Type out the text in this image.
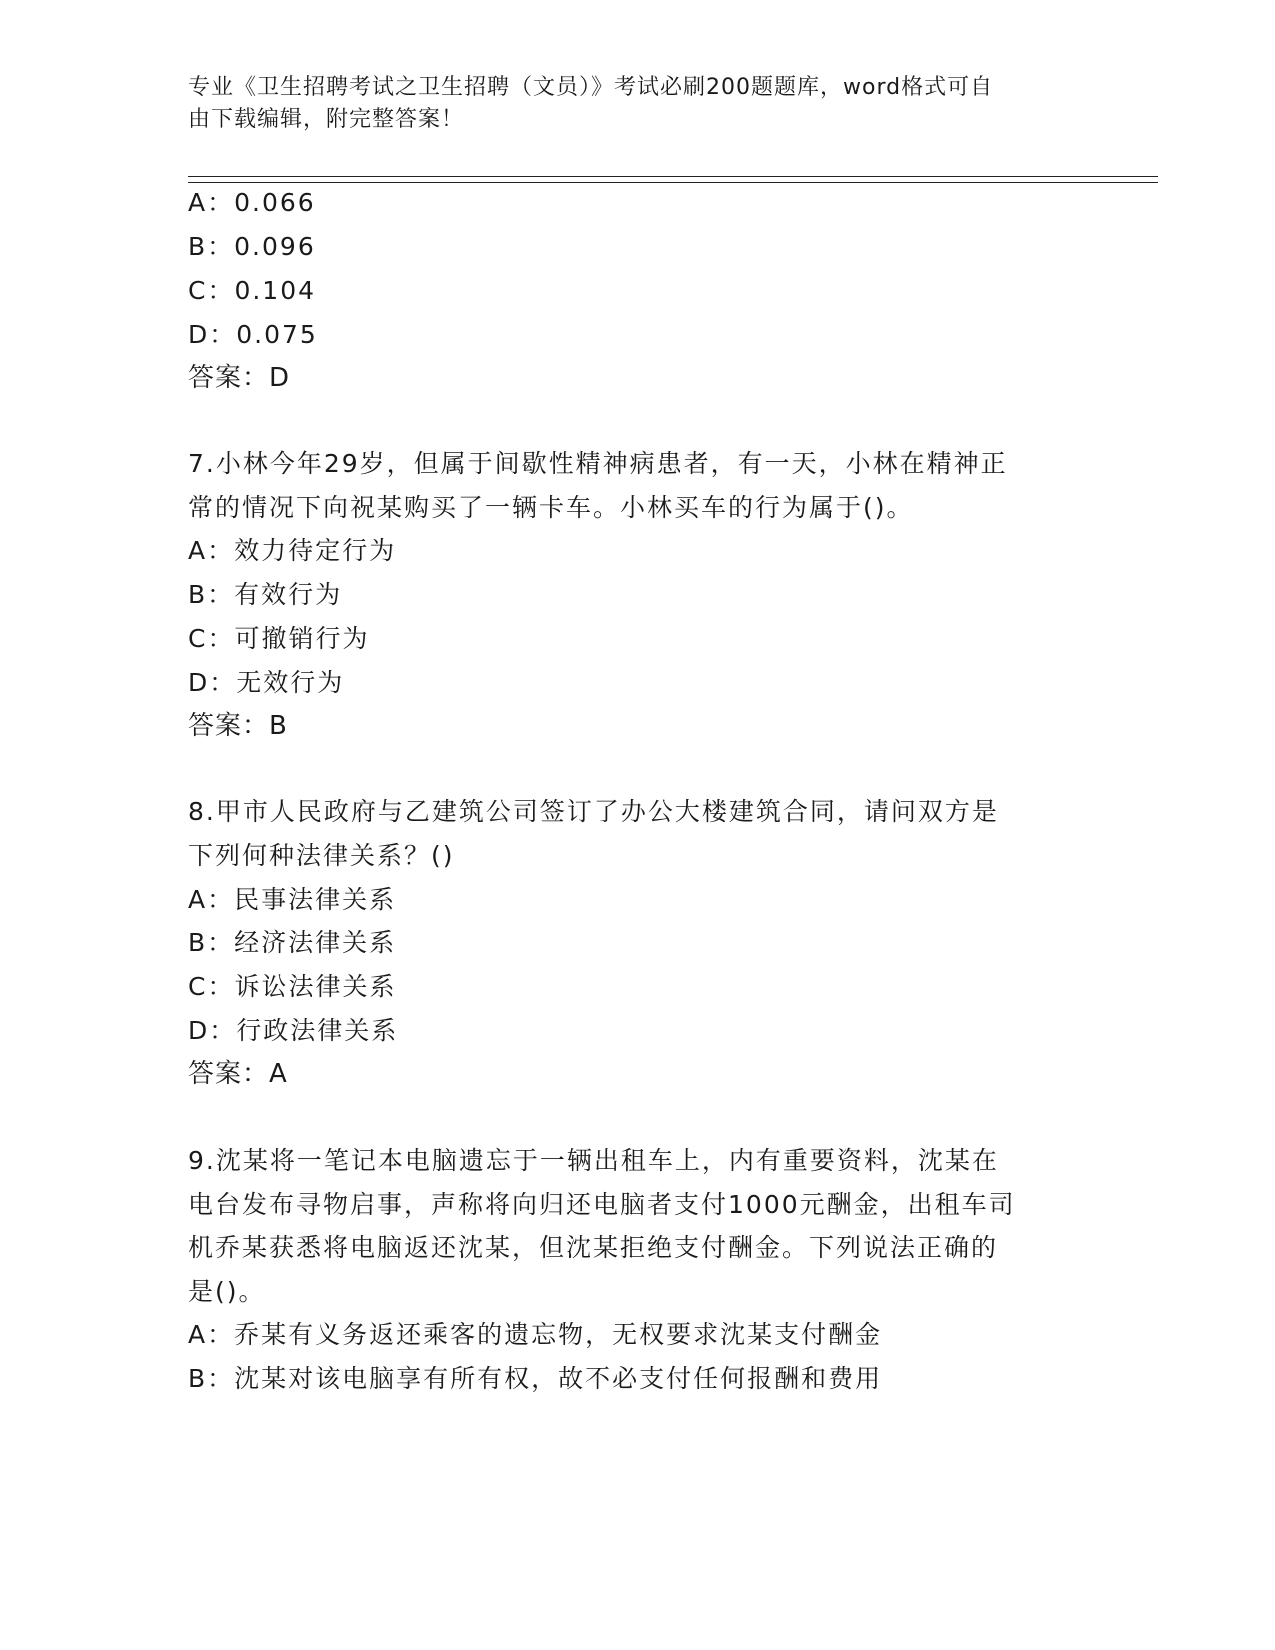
专业《卫生招聘考试之卫生招聘（文员）》考试必刷200题题库，word格式可自
由下载编辑，附完整答案！
A：0.066
B：0.096
C：0.104
D：0.075
答案：D
7.小林今年29岁，但属于间歇性精神病患者，有一天，小林在精神正
常的情况下向祝某购买了一辆卡车。小林买车的行为属于()。
A：效力待定行为
B：有效行为
C：可撤销行为
D：无效行为
答案：B
8.甲市人民政府与乙建筑公司签订了办公大楼建筑合同，请问双方是
下列何种法律关系？()
A：民事法律关系
B：经济法律关系
C：诉讼法律关系
D：行政法律关系
答案：A
9.沈某将一笔记本电脑遗忘于一辆出租车上，内有重要资料，沈某在
电台发布寻物启事，声称将向归还电脑者支付1000元酬金，出租车司
机乔某获悉将电脑返还沈某，但沈某拒绝支付酬金。下列说法正确的
是()。
A：乔某有义务返还乘客的遗忘物，无权要求沈某支付酬金
B：沈某对该电脑享有所有权，故不必支付任何报酬和费用
